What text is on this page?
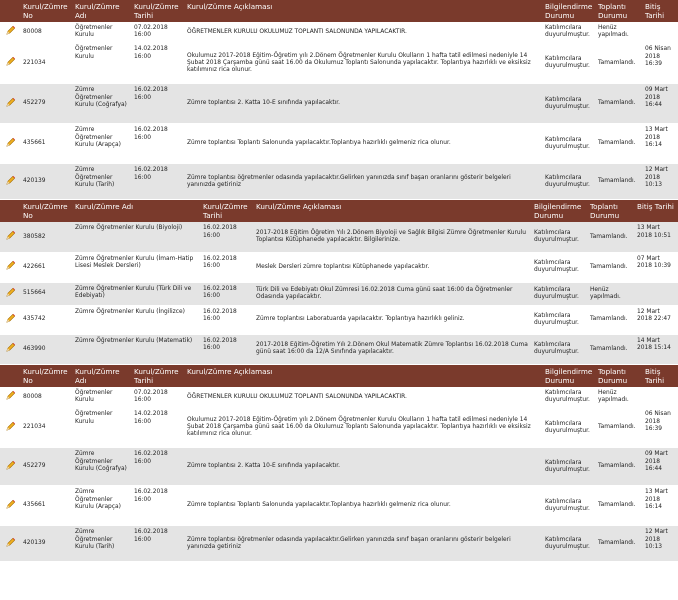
	Kurul/Zümre No	Kurul/Zümre Adı	Kurul/Zümre Tarihi	Kurul/Zümre Açıklaması	Bilgilendirme Durumu	Toplantı Durumu	Bitiş Tarihi
	80008	Öğretmenler Kurulu	07.02.2018 16:00	ÖĞRETMENLER KURULU OKULUMUZ TOPLANTI SALONUNDA YAPILACAKTIR.	Katılımcılara duyurulmuştur.	Henüz yapılmadı.	
	221034	Öğretmenler Kurulu	14.02.2018 16:00	Okulumuz 2017-2018 Eğitim-Öğretim yılı 2.Dönem Öğretmenler Kurulu Okulların 1 hafta tatil edilmesi nedeniyle 14 Şubat 2018 Çarşamba günü saat 16.00 da Okulumuz Toplantı Salonunda yapılacaktır. Toplantıya hazırlıklı ve eksiksiz katılımınız rica olunur.	Katılımcılara duyurulmuştur.	Tamamlandı.	06 Nisan 2018 16:39
	452279	Zümre Öğretmenler Kurulu (Coğrafya)	16.02.2018 16:00	Zümre toplantısı 2. Katta 10-E sınıfında yapılacaktır.	Katılımcılara duyurulmuştur.	Tamamlandı.	09 Mart 2018 16:44
	435661	Zümre Öğretmenler Kurulu (Arapça)	16.02.2018 16:00	Zümre toplantısı Toplantı Salonunda yapılacaktır.Toplantıya hazırlıklı gelmeniz rica olunur.	Katılımcılara duyurulmuştur.	Tamamlandı.	13 Mart 2018 16:14
	420139	Zümre Öğretmenler Kurulu (Tarih)	16.02.2018 16:00	Zümre toplantısı öğretmenler odasında yapılacaktır.Gelirken yanınızda sınıf başarı oranlarını gösterir belgeleri yanınızda getiriniz	Katılımcılara duyurulmuştur.	Tamamlandı.	12 Mart 2018 10:13
	Kurul/Zümre No	Kurul/Zümre Adı	Kurul/Zümre Tarihi	Kurul/Zümre Açıklaması	Bilgilendirme Durumu	Toplantı Durumu	Bitiş Tarihi
	380582	Zümre Öğretmenler Kurulu (Biyoloji)	16.02.2018 16:00	2017-2018 Eğitim Öğretim Yılı 2.Dönem Biyoloji ve Sağlık Bilgisi Zümre Öğretmenler Kurulu Toplantısı Kütüphanede yapılacaktır. Bilgilerinize.	Katılımcılara duyurulmuştur.	Tamamlandı.	13 Mart 2018 10:51
	422661	Zümre Öğretmenler Kurulu (İmam-Hatip Lisesi Meslek Dersleri)	16.02.2018 16:00	Meslek Dersleri zümre toplantısı Kütüphanede yapılacaktır.	Katılımcılara duyurulmuştur.	Tamamlandı.	07 Mart 2018 10:39
	515664	Zümre Öğretmenler Kurulu (Türk Dili ve Edebiyatı)	16.02.2018 16:00	Türk Dili ve Edebiyatı Okul Zümresi 16.02.2018 Cuma günü saat 16:00 da Öğretmenler Odasında yapılacaktır.	Katılımcılara duyurulmuştur.	Henüz yapılmadı.	
	435742	Zümre Öğretmenler Kurulu (İngilizce)	16.02.2018 16:00	Zümre toplantısı Laboratuarda yapılacaktır. Toplantıya hazırlıklı geliniz.	Katılımcılara duyurulmuştur.	Tamamlandı.	12 Mart 2018 22:47
	463990	Zümre Öğretmenler Kurulu (Matematik)	16.02.2018 16:00	2017-2018 Eğitim-Öğretim Yılı 2.Dönem Okul Matematik Zümre Toplantısı 16.02.2018 Cuma günü saat 16:00 da 12/A Sınıfında yapılacaktır.	Katılımcılara duyurulmuştur.	Tamamlandı.	14 Mart 2018 15:14
	Kurul/Zümre No	Kurul/Zümre Adı	Kurul/Zümre Tarihi	Kurul/Zümre Açıklaması	Bilgilendirme Durumu	Toplantı Durumu	Bitiş Tarihi
	80008	Öğretmenler Kurulu	07.02.2018 16:00	ÖĞRETMENLER KURULU OKULUMUZ TOPLANTI SALONUNDA YAPILACAKTIR.	Katılımcılara duyurulmuştur.	Henüz yapılmadı.	
	221034	Öğretmenler Kurulu	14.02.2018 16:00	Okulumuz 2017-2018 Eğitim-Öğretim yılı 2.Dönem Öğretmenler Kurulu Okulların 1 hafta tatil edilmesi nedeniyle 14 Şubat 2018 Çarşamba günü saat 16.00 da Okulumuz Toplantı Salonunda yapılacaktır. Toplantıya hazırlıklı ve eksiksiz katılımınız rica olunur.	Katılımcılara duyurulmuştur.	Tamamlandı.	06 Nisan 2018 16:39
	452279	Zümre Öğretmenler Kurulu (Coğrafya)	16.02.2018 16:00	Zümre toplantısı 2. Katta 10-E sınıfında yapılacaktır.	Katılımcılara duyurulmuştur.	Tamamlandı.	09 Mart 2018 16:44
	435661	Zümre Öğretmenler Kurulu (Arapça)	16.02.2018 16:00	Zümre toplantısı Toplantı Salonunda yapılacaktır.Toplantıya hazırlıklı gelmeniz rica olunur.	Katılımcılara duyurulmuştur.	Tamamlandı.	13 Mart 2018 16:14
	420139	Zümre Öğretmenler Kurulu (Tarih)	16.02.2018 16:00	Zümre toplantısı öğretmenler odasında yapılacaktır.Gelirken yanınızda sınıf başarı oranlarını gösterir belgeleri yanınızda getiriniz	Katılımcılara duyurulmuştur.	Tamamlandı.	12 Mart 2018 10:13
